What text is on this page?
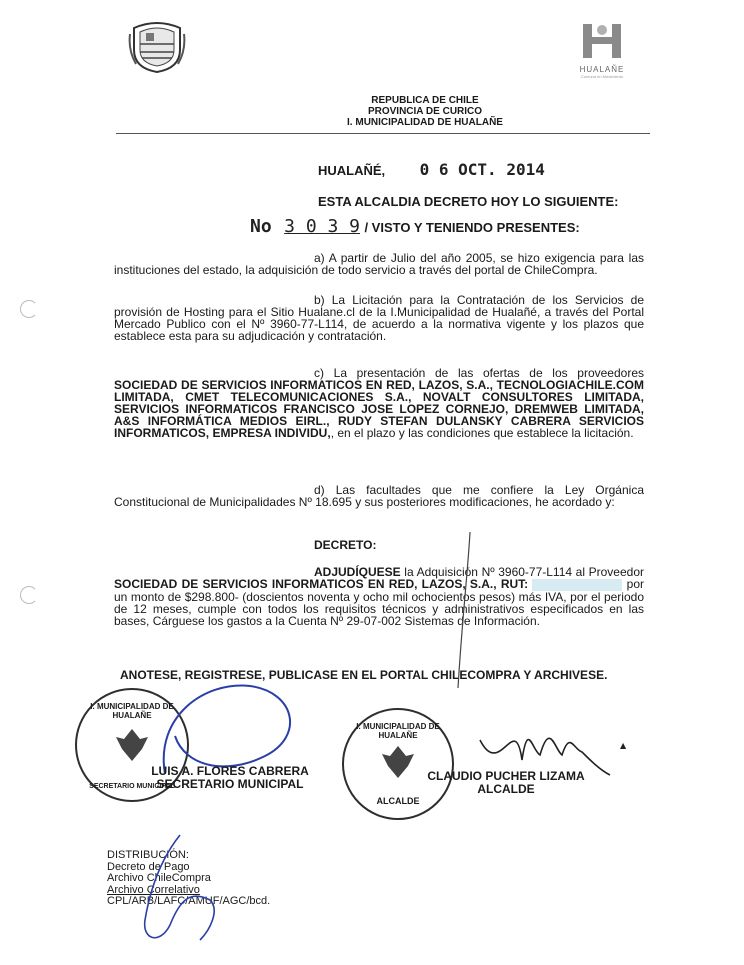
HUALAÑE
Comuna en Movimiento
REPUBLICA DE CHILE
PROVINCIA DE CURICO
I. MUNICIPALIDAD DE HUALAÑE
HUALAÑÉ, 0 6 OCT. 2014
ESTA ALCALDIA DECRETO HOY LO SIGUIENTE:
No 3 0 3 9 / VISTO Y TENIENDO PRESENTES:
a) A partir de Julio del año 2005, se hizo exigencia para las instituciones del estado, la adquisición de todo servicio a través del portal de ChileCompra.
b) La Licitación para la Contratación de los Servicios de provisión de Hosting para el Sitio Hualane.cl de la I.Municipalidad de Hualañé, a través del Portal Mercado Publico con el Nº 3960-77-L114, de acuerdo a la normativa vigente y los plazos que establece esta para su adjudicación y contratación.
c) La presentación de las ofertas de los proveedores SOCIEDAD DE SERVICIOS INFORMATICOS EN RED, LAZOS, S.A., TECNOLOGIACHILE.COM LIMITADA, CMET TELECOMUNICACIONES S.A., NOVALT CONSULTORES LIMITADA, SERVICIOS INFORMATICOS FRANCISCO JOSE LOPEZ CORNEJO, DREMWEB LIMITADA, A&S INFORMÁTICA MEDIOS EIRL., RUDY STEFAN DULANSKY CABRERA SERVICIOS INFORMATICOS, EMPRESA INDIVIDU,, en el plazo y las condiciones que establece la licitación.
d) Las facultades que me confiere la Ley Orgánica Constitucional de Municipalidades Nº 18.695 y sus posteriores modificaciones, he acordado y:
DECRETO:
ADJUDÍQUESE la Adquisición Nº 3960-77-L114 al Proveedor SOCIEDAD DE SERVICIOS INFORMATICOS EN RED, LAZOS, S.A., RUT:	por un monto de $298.800- (doscientos noventa y ocho mil ochocientos pesos) más IVA, por el periodo de 12 meses, cumple con todos los requisitos técnicos y administrativos especificados en las bases, Cárguese los gastos a la Cuenta Nº 29-07-002 Sistemas de Información.
ANOTESE, REGISTRESE, PUBLICASE EN EL PORTAL CHILECOMPRA Y ARCHIVESE.
I. MUNICIPALIDAD DE HUALAÑE
SECRETARIO MUNICIPAL
LUIS A. FLORES CABRERA
SECRETARIO MUNICIPAL
I. MUNICIPALIDAD DE HUALAÑE
ALCALDE
▲
CLAUDIO PUCHER LIZAMA
ALCALDE
DISTRIBUCIÓN:
Decreto de Pago
Archivo ChileCompra
Archivo Correlativo
CPL/ARB/LAFC/AMUF/AGC/bcd.
